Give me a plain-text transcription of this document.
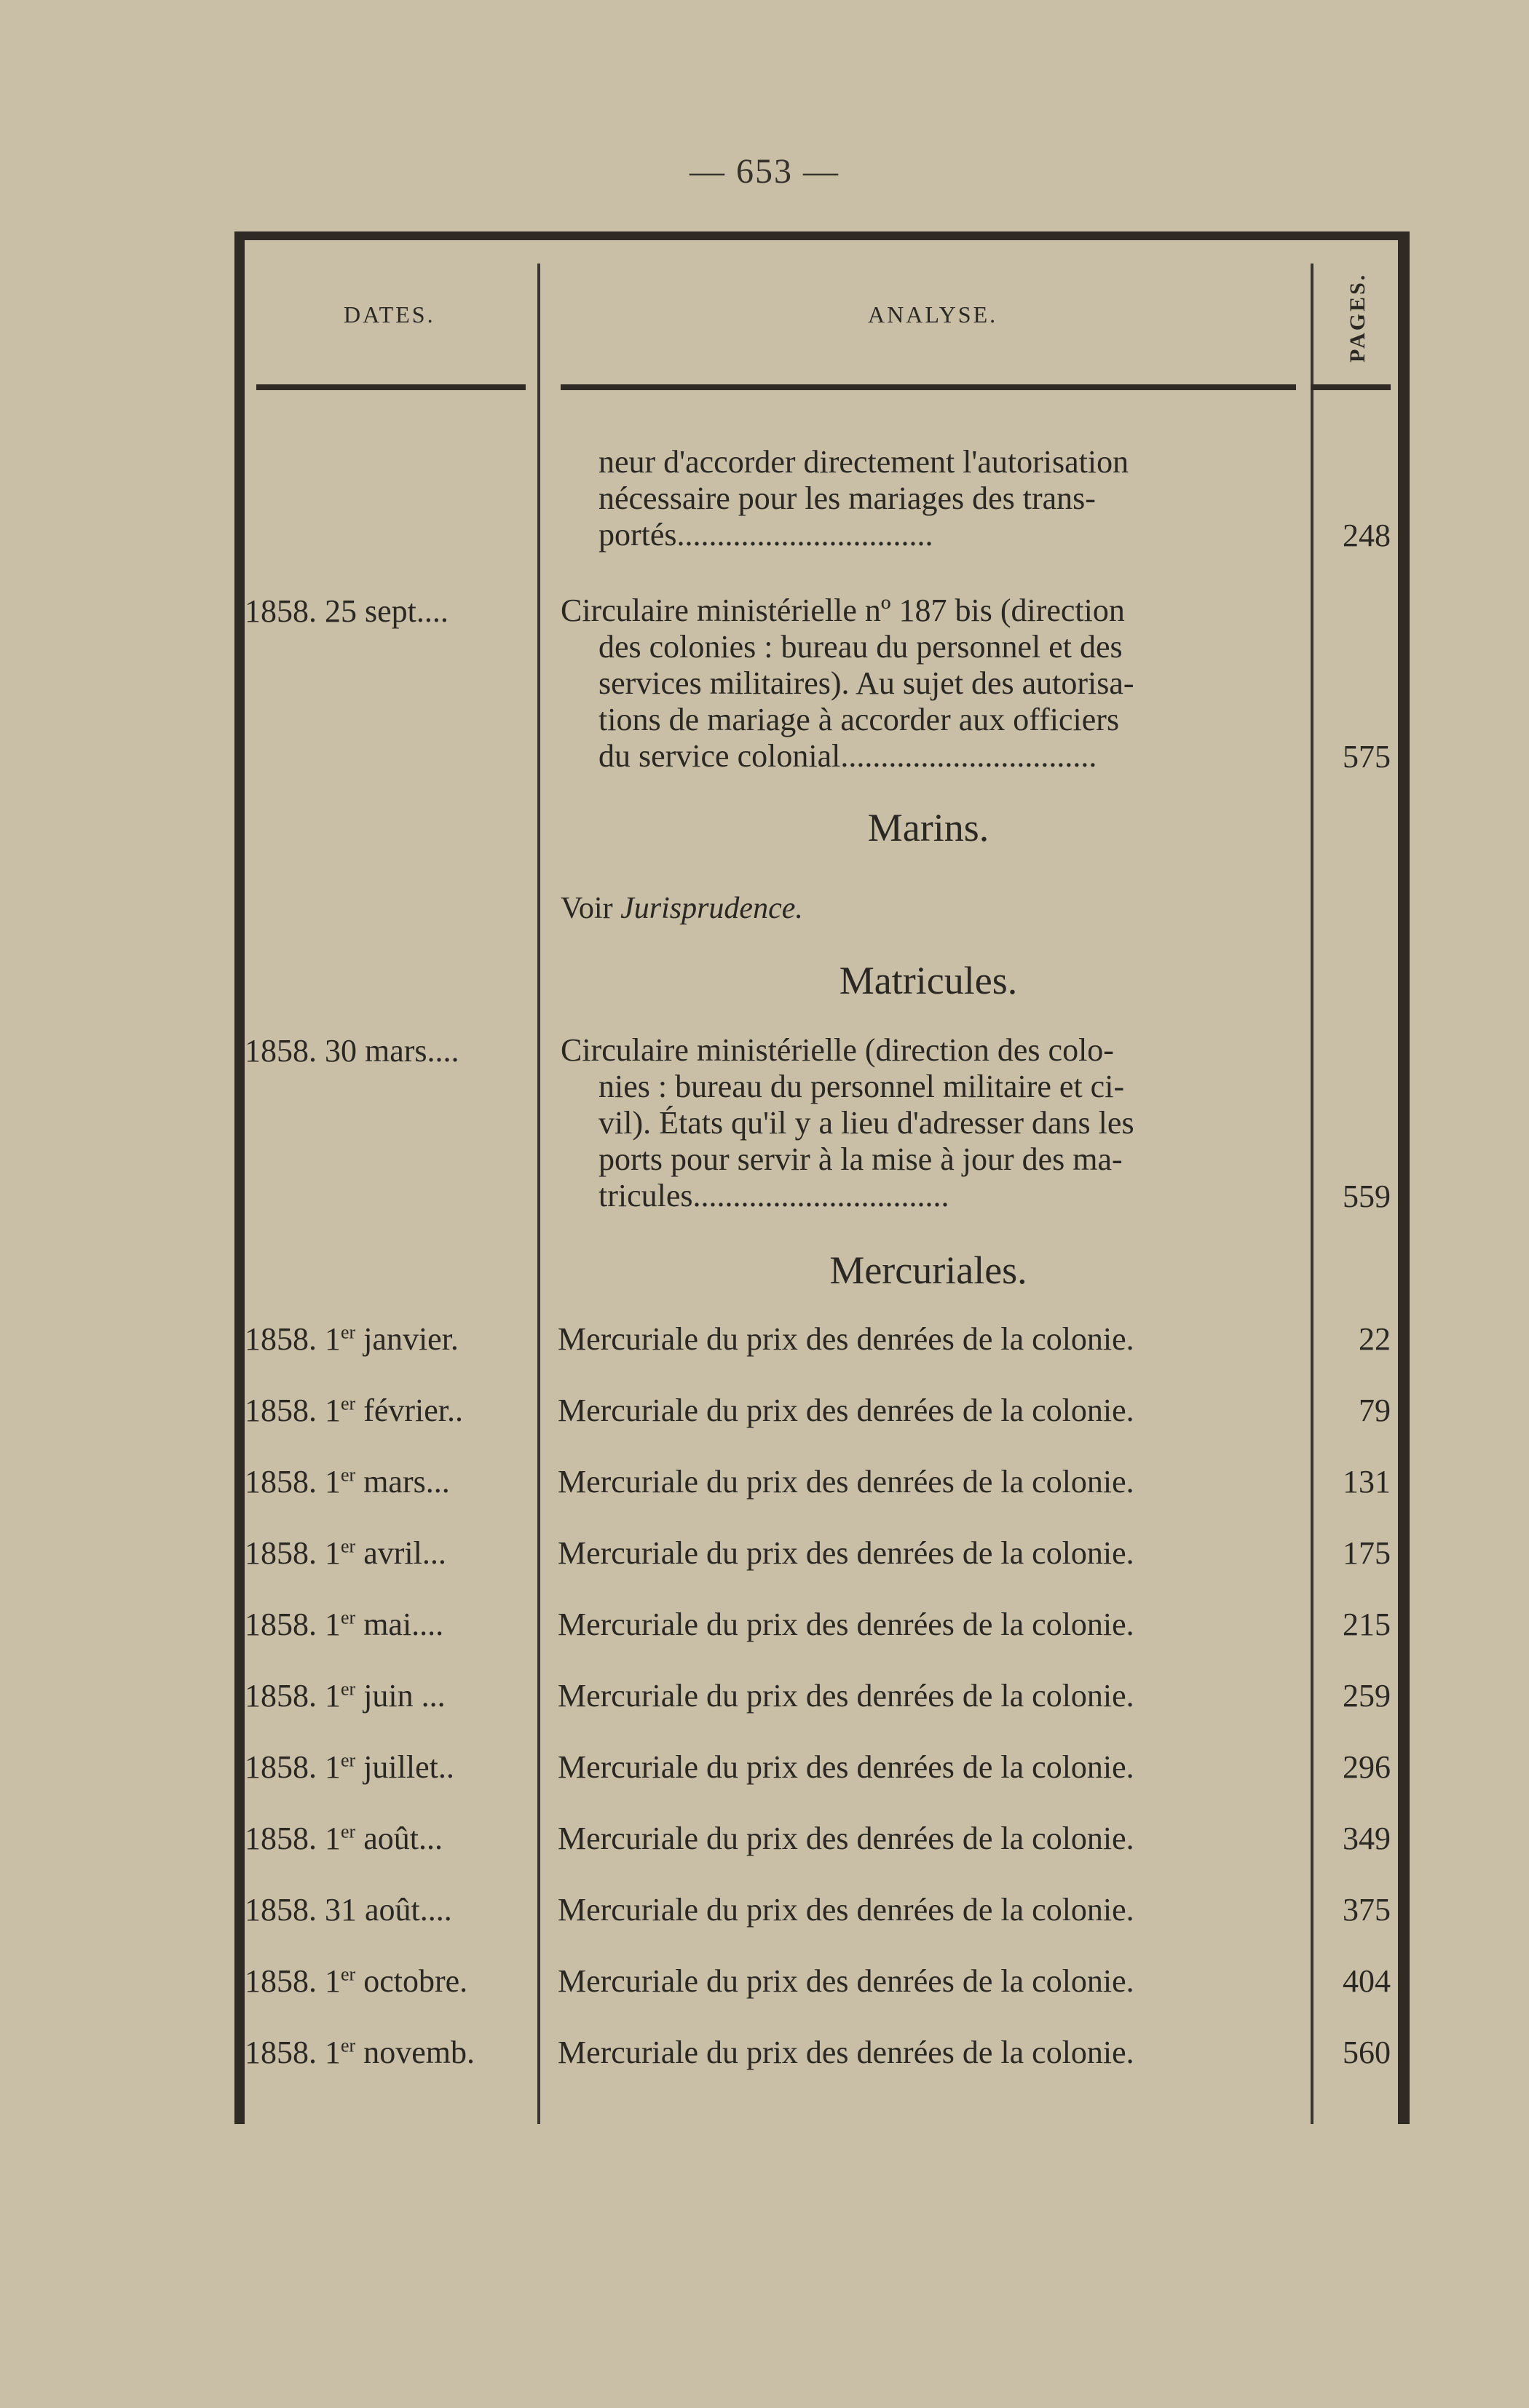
— 653 —
DATES.	ANALYSE.	PAGES.
neur d'accorder directement l'autorisation
nécessaire pour les mariages des trans-
portés................................	248
1858. 25 sept....	Circulaire ministérielle nº 187 bis (direction
des colonies : bureau du personnel et des
services militaires). Au sujet des autorisa-
tions de mariage à accorder aux officiers
du service colonial................................	575
Marins.
Voir Jurisprudence.
Matricules.
1858. 30 mars....	Circulaire ministérielle (direction des colo-
nies : bureau du personnel militaire et ci-
vil). États qu'il y a lieu d'adresser dans les
ports pour servir à la mise à jour des ma-
tricules................................	559
Mercuriales.
1858. 1er janvier.	Mercuriale du prix des denrées de la colonie.	22
1858. 1er février..	Mercuriale du prix des denrées de la colonie.	79
1858. 1er mars...	Mercuriale du prix des denrées de la colonie.	131
1858. 1er avril...	Mercuriale du prix des denrées de la colonie.	175
1858. 1er mai....	Mercuriale du prix des denrées de la colonie.	215
1858. 1er juin ...	Mercuriale du prix des denrées de la colonie.	259
1858. 1er juillet..	Mercuriale du prix des denrées de la colonie.	296
1858. 1er août...	Mercuriale du prix des denrées de la colonie.	349
1858. 31 août....	Mercuriale du prix des denrées de la colonie.	375
1858. 1er octobre.	Mercuriale du prix des denrées de la colonie.	404
1858. 1er novemb.	Mercuriale du prix des denrées de la colonie.	560
